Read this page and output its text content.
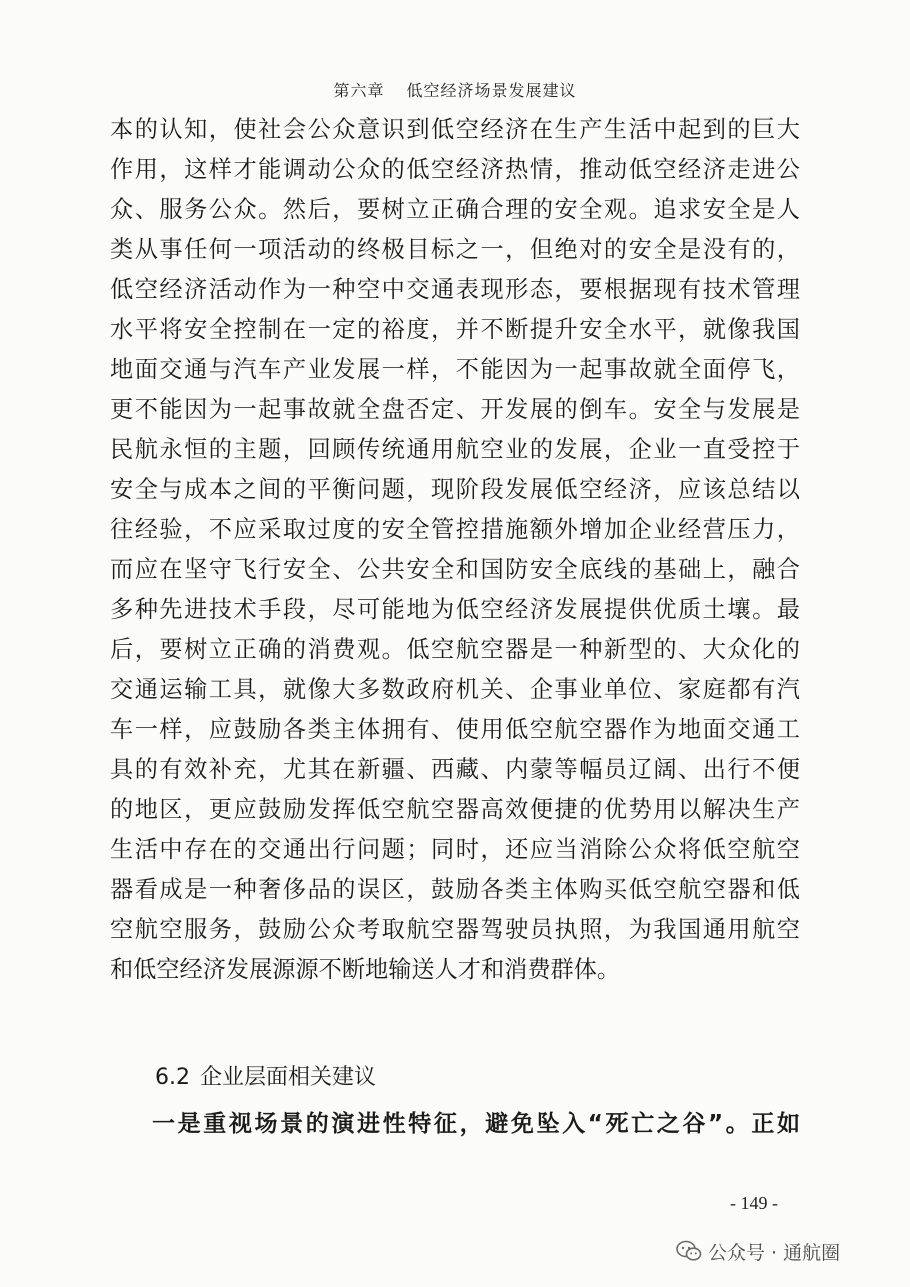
第六章 低空经济场景发展建议
本的认知，使社会公众意识到低空经济在生产生活中起到的巨大
作用，这样才能调动公众的低空经济热情，推动低空经济走进公
众、服务公众。然后，要树立正确合理的安全观。追求安全是人
类从事任何一项活动的终极目标之一，但绝对的安全是没有的，
低空经济活动作为一种空中交通表现形态，要根据现有技术管理
水平将安全控制在一定的裕度，并不断提升安全水平，就像我国
地面交通与汽车产业发展一样，不能因为一起事故就全面停飞，
更不能因为一起事故就全盘否定、开发展的倒车。安全与发展是
民航永恒的主题，回顾传统通用航空业的发展，企业一直受控于
安全与成本之间的平衡问题，现阶段发展低空经济，应该总结以
往经验，不应采取过度的安全管控措施额外增加企业经营压力，
而应在坚守飞行安全、公共安全和国防安全底线的基础上，融合
多种先进技术手段，尽可能地为低空经济发展提供优质土壤。最
后，要树立正确的消费观。低空航空器是一种新型的、大众化的
交通运输工具，就像大多数政府机关、企事业单位、家庭都有汽
车一样，应鼓励各类主体拥有、使用低空航空器作为地面交通工
具的有效补充，尤其在新疆、西藏、内蒙等幅员辽阔、出行不便
的地区，更应鼓励发挥低空航空器高效便捷的优势用以解决生产
生活中存在的交通出行问题；同时，还应当消除公众将低空航空
器看成是一种奢侈品的误区，鼓励各类主体购买低空航空器和低
空航空服务，鼓励公众考取航空器驾驶员执照，为我国通用航空
和低空经济发展源源不断地输送人才和消费群体。
6.2 企业层面相关建议
一是重视场景的演进性特征，避免坠入“死亡之谷”。正如
- 149 -
公众号 · 通航圈
